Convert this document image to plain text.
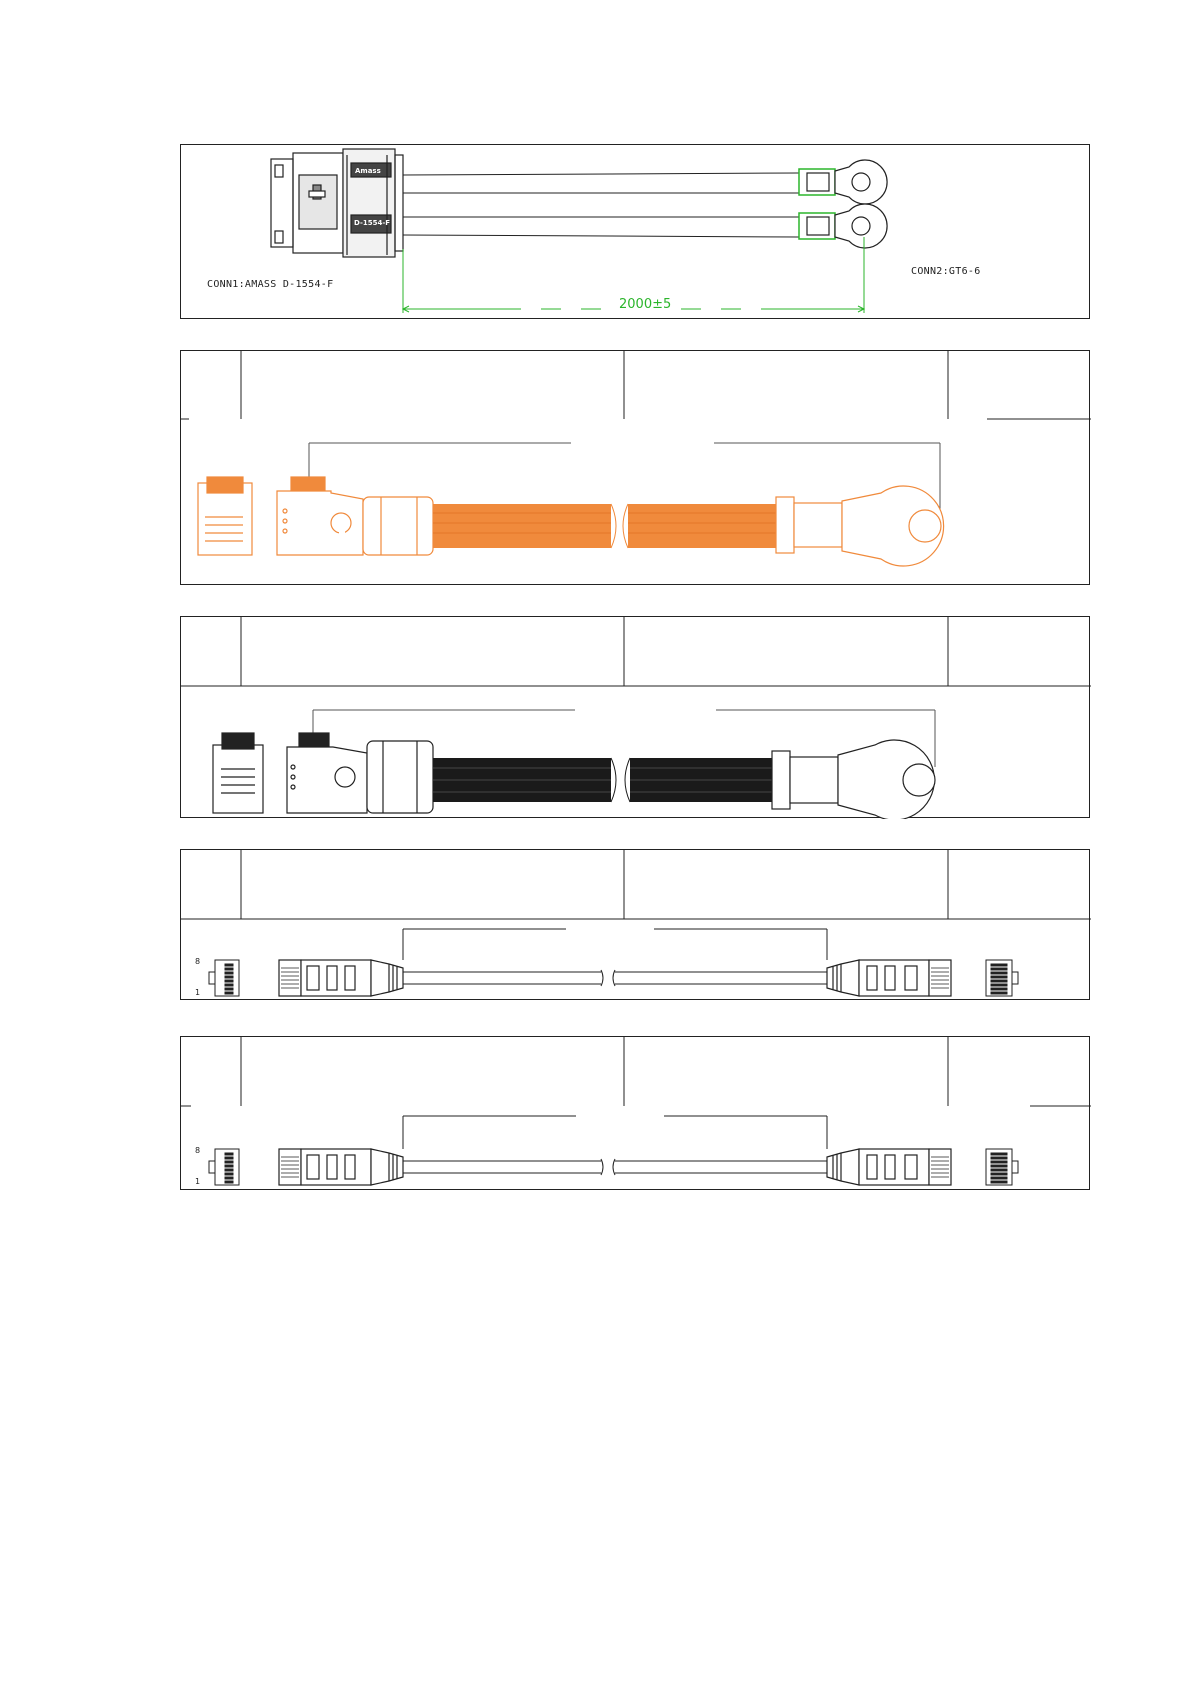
Amass
D-1554-F
CONN1:AMASS D-1554-F
CONN2:GT6-6
2000±5
8
1
8
1
